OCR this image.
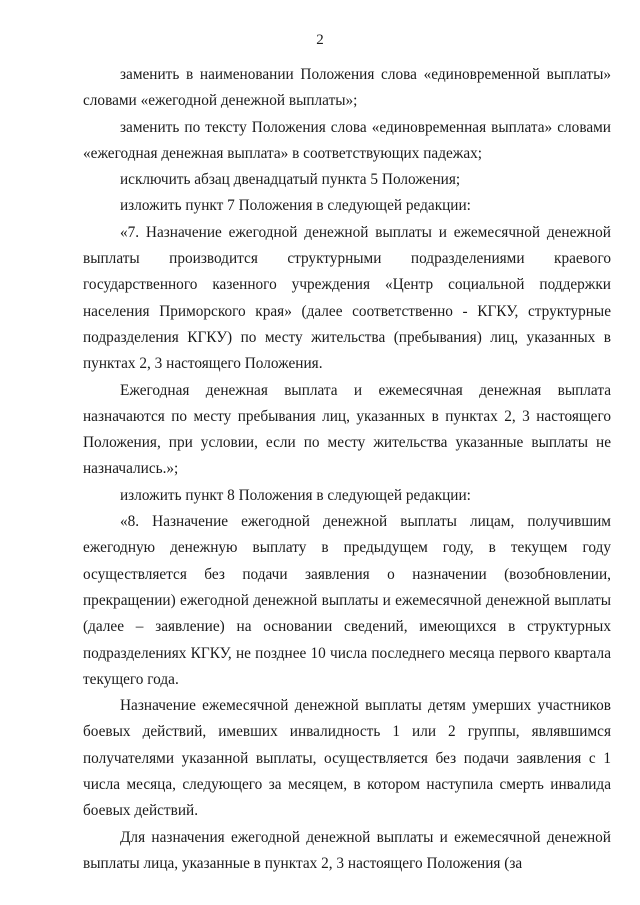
2

заменить в наименовании Положения слова «единовременной выплаты» словами «ежегодной денежной выплаты»;

заменить по тексту Положения слова «единовременная выплата» словами «ежегодная денежная выплата» в соответствующих падежах;

исключить абзац двенадцатый пункта 5 Положения;

изложить пункт 7 Положения в следующей редакции:

«7. Назначение ежегодной денежной выплаты и ежемесячной денежной выплаты производится структурными подразделениями краевого государственного казенного учреждения «Центр социальной поддержки населения Приморского края» (далее соответственно - КГКУ, структурные подразделения КГКУ) по месту жительства (пребывания) лиц, указанных в пунктах 2, 3 настоящего Положения.

Ежегодная денежная выплата и ежемесячная денежная выплата назначаются по месту пребывания лиц, указанных в пунктах 2, 3 настоящего Положения, при условии, если по месту жительства указанные выплаты не назначались.»;

изложить пункт 8 Положения в следующей редакции:

«8. Назначение ежегодной денежной выплаты лицам, получившим ежегодную денежную выплату в предыдущем году, в текущем году осуществляется без подачи заявления о назначении (возобновлении, прекращении) ежегодной денежной выплаты и ежемесячной денежной выплаты (далее – заявление) на основании сведений, имеющихся в структурных подразделениях КГКУ, не позднее 10 числа последнего месяца первого квартала текущего года.

Назначение ежемесячной денежной выплаты детям умерших участников боевых действий, имевших инвалидность 1 или 2 группы, являвшимся получателями указанной выплаты, осуществляется без подачи заявления с 1 числа месяца, следующего за месяцем, в котором наступила смерть инвалида боевых действий.

Для назначения ежегодной денежной выплаты и ежемесячной денежной выплаты лица, указанные в пунктах 2, 3 настоящего Положения (за
